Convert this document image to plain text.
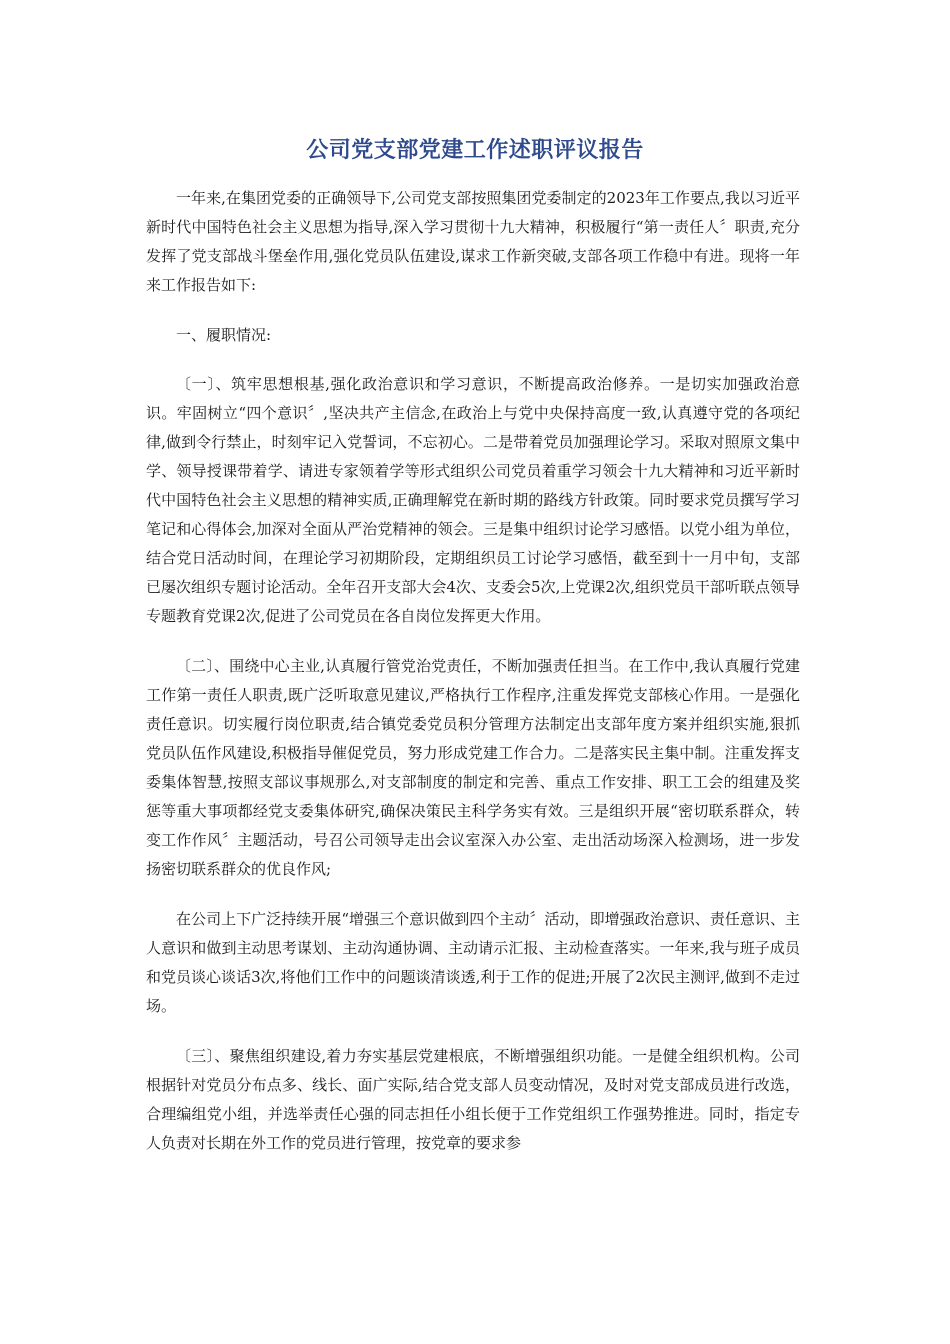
公司党支部党建工作述职评议报告

一年来,在集团党委的正确领导下,公司党支部按照集团党委制定的2023年工作要点,我以习近平新时代中国特色社会主义思想为指导,深入学习贯彻十九大精神，积极履行“第一责任人〞职责,充分发挥了党支部战斗堡垒作用,强化党员队伍建设,谋求工作新突破,支部各项工作稳中有进。现将一年来工作报告如下:

一、履职情况:

〔一〕、筑牢思想根基,强化政治意识和学习意识，不断提高政治修养。一是切实加强政治意识。牢固树立“四个意识〞,坚决共产主信念,在政治上与党中央保持高度一致,认真遵守党的各项纪律,做到令行禁止，时刻牢记入党誓词，不忘初心。二是带着党员加强理论学习。采取对照原文集中学、领导授课带着学、请进专家领着学等形式组织公司党员着重学习领会十九大精神和习近平新时代中国特色社会主义思想的精神实质,正确理解党在新时期的路线方针政策。同时要求党员撰写学习笔记和心得体会,加深对全面从严治党精神的领会。三是集中组织讨论学习感悟。以党小组为单位，结合党日活动时间，在理论学习初期阶段，定期组织员工讨论学习感悟，截至到十一月中旬，支部已屡次组织专题讨论活动。全年召开支部大会4次、支委会5次,上党课2次,组织党员干部听联点领导专题教育党课2次,促进了公司党员在各自岗位发挥更大作用。

〔二〕、围绕中心主业,认真履行管党治党责任，不断加强责任担当。在工作中,我认真履行党建工作第一责任人职责,既广泛听取意见建议,严格执行工作程序,注重发挥党支部核心作用。一是强化责任意识。切实履行岗位职责,结合镇党委党员积分管理方法制定出支部年度方案并组织实施,狠抓党员队伍作风建设,积极指导催促党员，努力形成党建工作合力。二是落实民主集中制。注重发挥支委集体智慧,按照支部议事规那么,对支部制度的制定和完善、重点工作安排、职工工会的组建及奖惩等重大事项都经党支委集体研究,确保决策民主科学务实有效。三是组织开展“密切联系群众，转变工作作风〞主题活动，号召公司领导走出会议室深入办公室、走出活动场深入检测场，进一步发扬密切联系群众的优良作风;

在公司上下广泛持续开展“增强三个意识做到四个主动〞活动，即增强政治意识、责任意识、主人意识和做到主动思考谋划、主动沟通协调、主动请示汇报、主动检查落实。一年来,我与班子成员和党员谈心谈话3次,将他们工作中的问题谈清谈透,利于工作的促进;开展了2次民主测评,做到不走过场。

〔三〕、聚焦组织建设,着力夯实基层党建根底，不断增强组织功能。一是健全组织机构。公司根据针对党员分布点多、线长、面广实际,结合党支部人员变动情况，及时对党支部成员进行改选，合理编组党小组，并选举责任心强的同志担任小组长便于工作党组织工作强势推进。同时，指定专人负责对长期在外工作的党员进行管理，按党章的要求参
